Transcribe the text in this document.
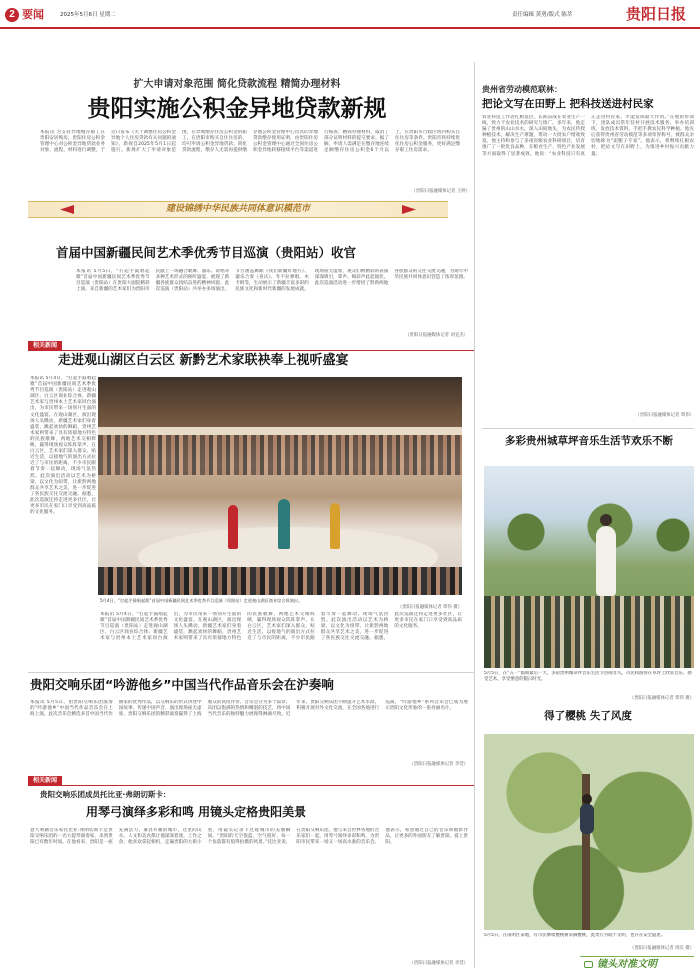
2 要闻	2025年5月6日 星期二	责任编辑 黄勇/版式 陈萃	贵阳日报
扩大申请对象范围 简化贷款流程 精简办理材料
贵阳实施公积金异地贷款新规
本报讯 为支持异地缴存职工在贵阳安居购房，贵阳住房公积金管理中心对公积金异地贷款业务对象、流程、材料进行调整，于近日发布《关于调整住房公积金异地个人住房贷款有关问题的通知》，新规自2025年5月1日起施行。新规扩大了申请对象范围，在异地缴存住房公积金的职工，在贵阳市购买自住住房的，均可申请公积金异地贷款；简化贷款流程，缴存人无需再提供缴存地公积金管理中心出具的异地贷款缴存使用证明，由贵阳住房公积金管理中心通过全国住房公积金异地转移接续平台等渠道进行核查；精简办理材料，取消了部分证明材料的提交要求。据了解，申请人需满足在缴存地连续足额缴存住房公积金6个月以上、在贵阳市行政区域内购买自住住房等条件。贵阳市将持续优化住房公积金服务，更好满足缴存职工住房需求。
（贵阳日报融媒体记者 王婷）
建设锦绣中华民族共同体意识模范市
首届中国新疆民间艺术季优秀节目巡演（贵阳站）收官
本报讯 5月5日，“打起手鼓唱起歌”首届中国新疆民间艺术季优秀节目巡演（贵阳站）在贵阳大剧院精彩上演。来自新疆的艺术家们为贵阳市民献上一场融合歌舞、器乐、说唱等多种艺术形式的视听盛宴，展现了新疆各族群众团结奋进的精神风貌。此次巡演（贵阳站）共举办多场演出，节目涵盖舞蹈《我们新疆好地方》、器乐合奏《喜庆》、冬不拉弹唱、木卡姆等，生动展示了新疆丰富多彩的民族文化和新时代新疆的发展成就。现场座无虚席，观众们被精彩的表演深深吸引，掌声、喝彩声此起彼伏。此次巡演活动进一步增进了黔新两地各族群众的交往交流交融，为铸牢中华民族共同体意识营造了浓厚氛围。
（贵阳日报融媒体记者 刘宜杰）
相关新闻
走进观山湖区白云区 新黔艺术家联袂奉上视听盛宴
本报讯 5月4日，“打起手鼓唱起歌”首届中国新疆民间艺术季优秀节目巡演（贵阳站）走进观山湖区、白云区商业综合体，新疆艺术家与贵州本土艺术家同台演出，为市民带来一场别开生面的文化盛宴。在观山湖区，演出现场人头攒动，新疆艺术家们身着盛装，跳起欢快的舞蹈，贵州艺术家则带来了具有浓郁地方特色的民族歌舞，两地艺术交相辉映，赢得现场观众阵阵掌声。在白云区，艺术家们深入群众、贴近生活，以接地气的演出方式拉近了与市民的距离，不少市民跟着节奏一起舞动，现场气氛热烈。此次演出活动以艺术为桥梁、以文化为纽带，让新黔两地群众共享艺术之美，进一步促进了各民族交往交流交融。据悉，此次巡演还将走进更多社区，让更多市民在家门口享受到高品质的文化服务。
5月4日，“打起手鼓唱起歌”首届中国新疆民间艺术季优秀节目巡演（贵阳站）走进观山湖区商业综合体演出。
（贵阳日报融媒体记者 覃伟 摄）
本报讯 5月4日，“打起手鼓唱起歌”首届中国新疆民间艺术季优秀节目巡演（贵阳站）走进观山湖区、白云区商业综合体，新疆艺术家与贵州本土艺术家同台演出，为市民带来一场别开生面的文化盛宴。在观山湖区，演出现场人头攒动，新疆艺术家们身着盛装，跳起欢快的舞蹈，贵州艺术家则带来了具有浓郁地方特色的民族歌舞，两地艺术交相辉映，赢得现场观众阵阵掌声。在白云区，艺术家们深入群众、贴近生活，以接地气的演出方式拉近了与市民的距离，不少市民跟着节奏一起舞动，现场气氛热烈。此次演出活动以艺术为桥梁、以文化为纽带，让新黔两地群众共享艺术之美，进一步促进了各民族交往交流交融。据悉，此次巡演还将走进更多社区，让更多市民在家门口享受到高品质的文化服务。
贵阳交响乐团“吟游他乡”中国当代作品音乐会在沪奏响
本报讯 5月5日，由贵阳交响乐团演奏的“吟游他乡”中国当代作品音乐会在上海上演。此次音乐会精选多首中国当代作曲家的优秀作品，以交响乐的形式讲述中国故事、传递中国声音。演出现场座无虚席，贵阳交响乐团的精彩演奏赢得了上海观众的高度评价。音乐会分为多个篇章，乐团以饱满的热情和精湛的技艺，将中国当代音乐的独特魅力展现得淋漓尽致。近年来，贵阳交响乐团不断提升艺术水准，积极开展对外文化交流，在全国各地进行巡演，“吟游他乡”系列音乐会已成为展示贵阳文化形象的一张亮丽名片。
（贵阳日报融媒体记者 李萱）
相关新闻
贵阳交响乐团成员托比亚·弗朗切斯卡：
用琴弓演绎多彩和鸣 用镜头定格贵阳美景
意大利籍音乐家托比亚·弗朗切斯卡是贵阳交响乐团的一名大提琴演奏家，来到贵阳已有数年时间。在他看来，贵阳是一座充满活力、兼容并蓄的城市，这里的山水、人文和美食都让他深深着迷。工作之余，他喜欢拿起相机，走遍贵阳的大街小巷，用镜头记录下这座城市的美丽瞬间。“贵阳的天空很蓝，空气很好，每一个角落都有值得拍摄的风景。”托比亚说。在贵阳交响乐团，他与来自世界各地的音乐家们一起，用琴弓演绎多彩和鸣，为贵阳市民带来一场又一场高水准的音乐会。他表示，希望通过自己的音乐和摄影作品，让更多的外国朋友了解贵阳、爱上贵阳。
（贵阳日报融媒体记者 李萱）
贵州省劳动模范联林：
把论文写在田野上 把科技送进村民家
农业科技工作者扎根基层，长期奋战在农业生产一线，致力于农业技术的研究与推广。多年来，他走遍了贵州的山山水水，深入田间地头，为农民传授种植技术，解决生产难题，带动一大批农户增收致富。他主持和参与了多项省级农业科研项目，培育推广了一批优良品种，在粮食生产、特色产业发展等方面取得了显著成效。他说：“农业科技只有真正走进村民家，才能发挥最大作用。”在他的带领下，团队成员常年驻村开展技术服务，举办培训班，发放技术资料，手把手教农民科学种植。他先后获得贵州省劳动模范等多项荣誉称号，被群众亲切地称为“泥腿子专家”。他表示，将继续扎根农村，把论文写在田野上，为推进乡村振兴贡献力量。
（贵阳日报融媒体记者 覃伟）
多彩贵州城草坪音乐生活节欢乐不断
5月5日，在“五一”假期最后一天，多彩贵州城草坪音乐生活节热闹非凡。市民和游客在草坪上欣赏音乐、感受艺术，享受惬意的假日时光。
（贵阳日报融媒体记者 覃伟 摄）
得了樱桃 失了风度
5月5日，在南明区某地，有市民攀爬樱桃树采摘樱桃，此类行为既不文明，也存在安全隐患。
（贵阳日报融媒体记者 周沃 摄）
镜头对准文明
